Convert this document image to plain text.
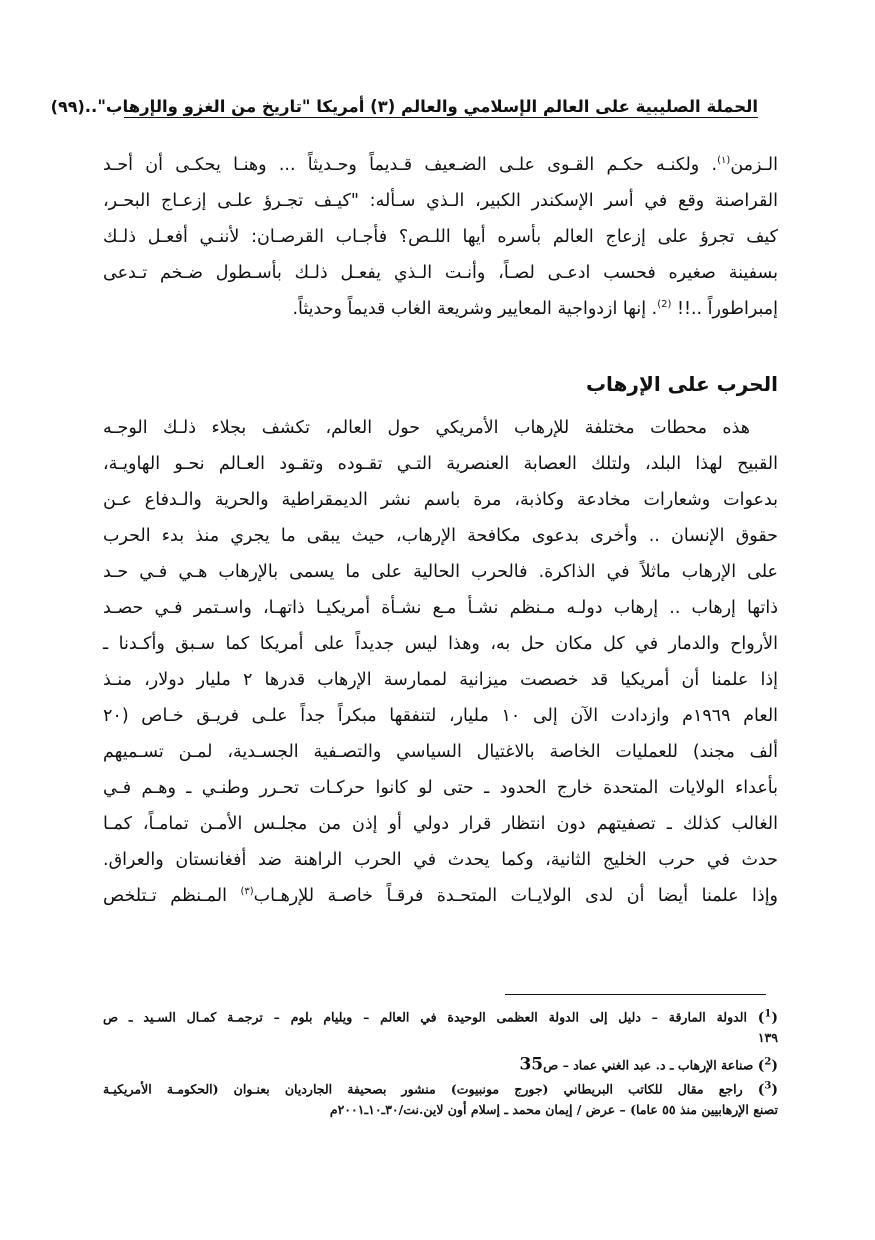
الحملة الصليبية على العالم الإسلامي والعالم (٣) أمريكا "تاريخ من الغزو والإرهاب"..
(٩٩)
الـزمن$^{(١)}$. ولكنـه حكـم القـوى علـى الضـعيف قـديماً وحـديثاً ... وهنـا يحكـى أن أحـد
القراصنة وقع في أسر الإسكندر الكبير، الـذي سـأله: "كيـف تجـرؤ علـى إزعـاج البحـر،
كيف تجرؤ على إزعاج العالم بأسره أيها اللـص؟ فأجـاب القرصـان: لأننـي أفعـل ذلـك
بسفينة صغيره فحسب ادعـى لصـاً، وأنـت الـذي يفعـل ذلـك بأسـطول ضـخم تـدعى
إمبراطوراً ..!! $^{(2)}$. إنها ازدواجية المعايير وشريعة الغاب قديماً وحديثاً.
الحرب على الإرهاب
هذه محطات مختلفة للإرهاب الأمريكي حول العالم، تكشف بجلاء ذلـك الوجـه
القبيح لهذا البلد، ولتلك العصابة العنصرية التـي تقـوده وتقـود العـالم نحـو الهاويـة،
بدعوات وشعارات مخادعة وكاذبة، مرة باسم نشر الديمقراطية والحرية والـدفاع عـن
حقوق الإنسان .. وأخرى بدعوى مكافحة الإرهاب، حيث يبقى ما يجري منذ بدء الحرب
على الإرهاب ماثلاً في الذاكرة. فالحرب الحالية على ما يسمى بالإرهاب هـي فـي حـد
ذاتها إرهاب .. إرهاب دولـه مـنظم نشـأ مـع نشـأة أمريكيـا ذاتهـا، واسـتمر فـي حصـد
الأرواح والدمار في كل مكان حل به، وهذا ليس جديداً على أمريكا كما سـبق وأكـدنا ـ
إذا علمنا أن أمريكيا قد خصصت ميزانية لممارسة الإرهاب قدرها ٢ مليار دولار، منـذ
العام ١٩٦٩م وازدادت الآن إلى ١٠ مليار، لتنفقها مبكراً جداً علـى فريـق خـاص (٢٠
ألف مجند) للعمليات الخاصة بالاغتيال السياسي والتصـفية الجسـدية، لمـن تسـميهم
بأعداء الولايات المتحدة خارج الحدود ـ حتى لو كانوا حركـات تحـرر وطنـي ـ وهـم فـي
الغالب كذلك ـ تصفيتهم دون انتظار قرار دولي أو إذن من مجلـس الأمـن تمامـاً، كمـا
حدث في حرب الخليج الثانية، وكما يحدث في الحرب الراهنة ضد أفغانستان والعراق.
وإذا علمنا أيضا أن لدى الولايـات المتحـدة فرقـاً خاصـة للإرهـاب$^{(٣)}$ المـنظم تـتلخص
($^1$) الدولة المارقة – دليل إلى الدولة العظمى الوحيدة في العالم – ويليام بلوم – ترجمـة كمـال السـيد ـ ص
١٣٩
($^2$) صناعة الإرهاب ـ د. عبد الغني عماد – ص35
($^3$) راجع مقال للكاتب البريطاني (جورج مونبيوت) منشور بصحيفة الجارديان بعنـوان (الحكومـة الأمريكيـة
تصنع الإرهابيين منذ ٥٥ عاما) – عرض / إيمان محمد ـ إسلام أون لاين.نت/٣٠ـ١٠ـ٢٠٠١م
